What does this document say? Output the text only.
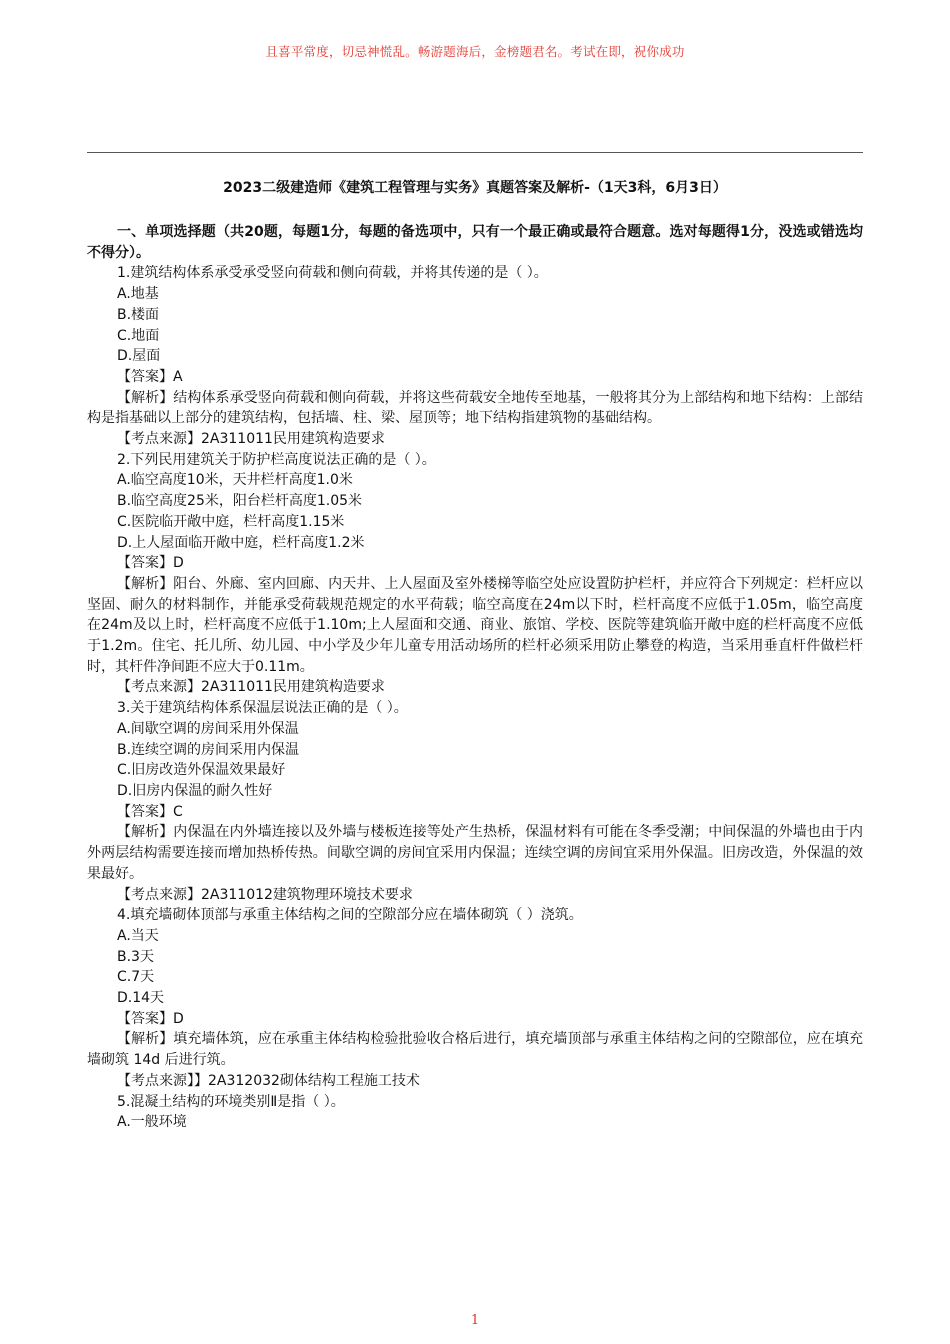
且喜平常度，切忌神慌乱。畅游题海后，金榜题君名。考试在即，祝你成功
2023二级建造师《建筑工程管理与实务》真题答案及解析-（1天3科，6月3日）

一、单项选择题（共20题，每题1分，每题的备选项中，只有一个最正确或最符合题意。选对每题得1分，没选或错选均不得分）。

1.建筑结构体系承受承受竖向荷载和侧向荷载，并将其传递的是（ ）。

A.地基

B.楼面

C.地面

D.屋面

【答案】A

【解析】结构体系承受竖向荷载和侧向荷载，并将这些荷载安全地传至地基，一般将其分为上部结构和地下结构：上部结构是指基础以上部分的建筑结构，包括墙、柱、梁、屋顶等；地下结构指建筑物的基础结构。

【考点来源】2A311011民用建筑构造要求

2.下列民用建筑关于防护栏高度说法正确的是（ ）。

A.临空高度10米，天井栏杆高度1.0米

B.临空高度25米，阳台栏杆高度1.05米

C.医院临开敞中庭，栏杆高度1.15米

D.上人屋面临开敞中庭，栏杆高度1.2米

【答案】D

【解析】阳台、外廊、室内回廊、内天井、上人屋面及室外楼梯等临空处应设置防护栏杆，并应符合下列规定：栏杆应以坚固、耐久的材料制作，并能承受荷载规范规定的水平荷载；临空高度在24m以下时，栏杆高度不应低于1.05m，临空高度在24m及以上时，栏杆高度不应低于1.10m;上人屋面和交通、商业、旅馆、学校、医院等建筑临开敞中庭的栏杆高度不应低于1.2m。住宅、托儿所、幼儿园、中小学及少年儿童专用活动场所的栏杆必须采用防止攀登的构造，当采用垂直杆件做栏杆时，其杆件净间距不应大于0.11m。

【考点来源】2A311011民用建筑构造要求

3.关于建筑结构体系保温层说法正确的是（ ）。

A.间歇空调的房间采用外保温

B.连续空调的房间采用内保温

C.旧房改造外保温效果最好

D.旧房内保温的耐久性好

【答案】C

【解析】内保温在内外墙连接以及外墙与楼板连接等处产生热桥，保温材料有可能在冬季受潮；中间保温的外墙也由于内外两层结构需要连接而增加热桥传热。间歇空调的房间宜采用内保温；连续空调的房间宜采用外保温。旧房改造，外保温的效果最好。

【考点来源】2A311012建筑物理环境技术要求

4.填充墙砌体顶部与承重主体结构之间的空隙部分应在墙体砌筑（ ）浇筑。

A.当天

B.3天

C.7天

D.14天

【答案】D

【解析】填充墙体筑，应在承重主体结构检验批验收合格后进行，填充墙顶部与承重主体结构之问的空隙部位，应在填充墙砌筑 14d 后进行筑。

【考点来源】】2A312032砌体结构工程施工技术

5.混凝土结构的环境类别Ⅱ是指（ ）。

A.一般环境

1
